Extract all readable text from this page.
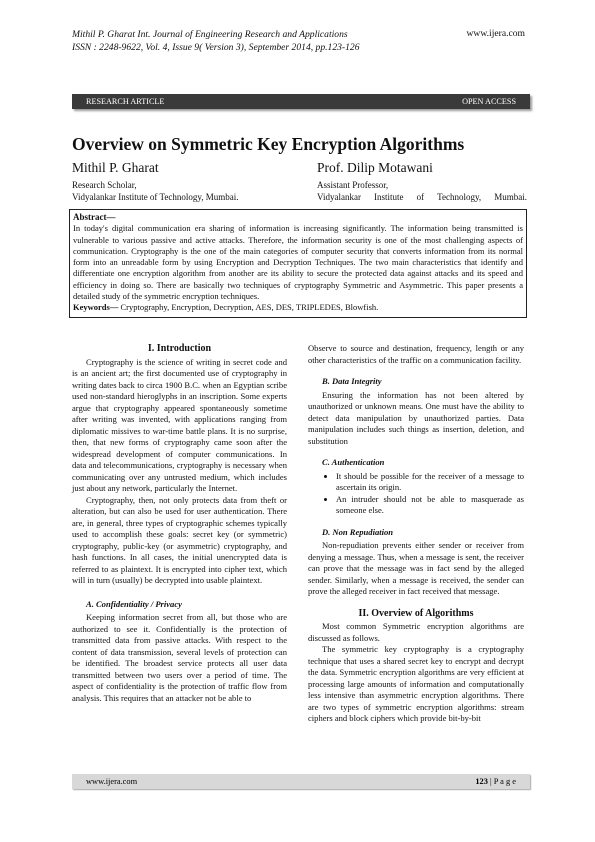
Mithil P. Gharat Int. Journal of Engineering Research and Applications
ISSN : 2248-9622, Vol. 4, Issue 9( Version 3), September 2014, pp.123-126
www.ijera.com
RESEARCH ARTICLE	OPEN ACCESS
Overview on Symmetric Key Encryption Algorithms
Mithil P. Gharat
Research Scholar,
Vidyalankar Institute of Technology, Mumbai.
Prof. Dilip Motawani
Assistant Professor,
Vidyalankar Institute of Technology, Mumbai.
Abstract—
In today's digital communication era sharing of information is increasing significantly. The information being transmitted is vulnerable to various passive and active attacks. Therefore, the information security is one of the most challenging aspects of communication. Cryptography is the one of the main categories of computer security that converts information from its normal form into an unreadable form by using Encryption and Decryption Techniques. The two main characteristics that identify and differentiate one encryption algorithm from another are its ability to secure the protected data against attacks and its speed and efficiency in doing so. There are basically two techniques of cryptography Symmetric and Asymmetric. This paper presents a detailed study of the symmetric encryption techniques.
Keywords— Cryptography, Encryption, Decryption, AES, DES, TRIPLEDES, Blowfish.
I. Introduction

Cryptography is the science of writing in secret code and is an ancient art; the first documented use of cryptography in writing dates back to circa 1900 B.C. when an Egyptian scribe used non-standard hieroglyphs in an inscription. Some experts argue that cryptography appeared spontaneously sometime after writing was invented, with applications ranging from diplomatic missives to war-time battle plans. It is no surprise, then, that new forms of cryptography came soon after the widespread development of computer communications. In data and telecommunications, cryptography is necessary when communicating over any untrusted medium, which includes just about any network, particularly the Internet.

Cryptography, then, not only protects data from theft or alteration, but can also be used for user authentication. There are, in general, three types of cryptographic schemes typically used to accomplish these goals: secret key (or symmetric) cryptography, public-key (or asymmetric) cryptography, and hash functions. In all cases, the initial unencrypted data is referred to as plaintext. It is encrypted into cipher text, which will in turn (usually) be decrypted into usable plaintext.

A. Confidentiality / Privacy

Keeping information secret from all, but those who are authorized to see it. Confidentially is the protection of transmitted data from passive attacks. With respect to the content of data transmission, several levels of protection can be identified. The broadest service protects all user data transmitted between two users over a period of time. The aspect of confidentiality is the protection of traffic flow from analysis. This requires that an attacker not be able to

Observe to source and destination, frequency, length or any other characteristics of the traffic on a communication facility.

B. Data Integrity

Ensuring the information has not been altered by unauthorized or unknown means. One must have the ability to detect data manipulation by unauthorized parties. Data manipulation includes such things as insertion, deletion, and substitution

C. Authentication
• It should be possible for the receiver of a message to ascertain its origin.
• An intruder should not be able to masquerade as someone else.
D. Non Repudiation

Non-repudiation prevents either sender or receiver from denying a message. Thus, when a message is sent, the receiver can prove that the message was in fact send by the alleged sender. Similarly, when a message is received, the sender can prove the alleged receiver in fact received that message.

II. Overview of Algorithms

Most common Symmetric encryption algorithms are discussed as follows.

The symmetric key cryptography is a cryptography technique that uses a shared secret key to encrypt and decrypt the data. Symmetric encryption algorithms are very efficient at processing large amounts of information and computationally less intensive than asymmetric encryption algorithms. There are two types of symmetric encryption algorithms: stream ciphers and block ciphers which provide bit-by-bit

www.ijera.com	123 | P a g e
